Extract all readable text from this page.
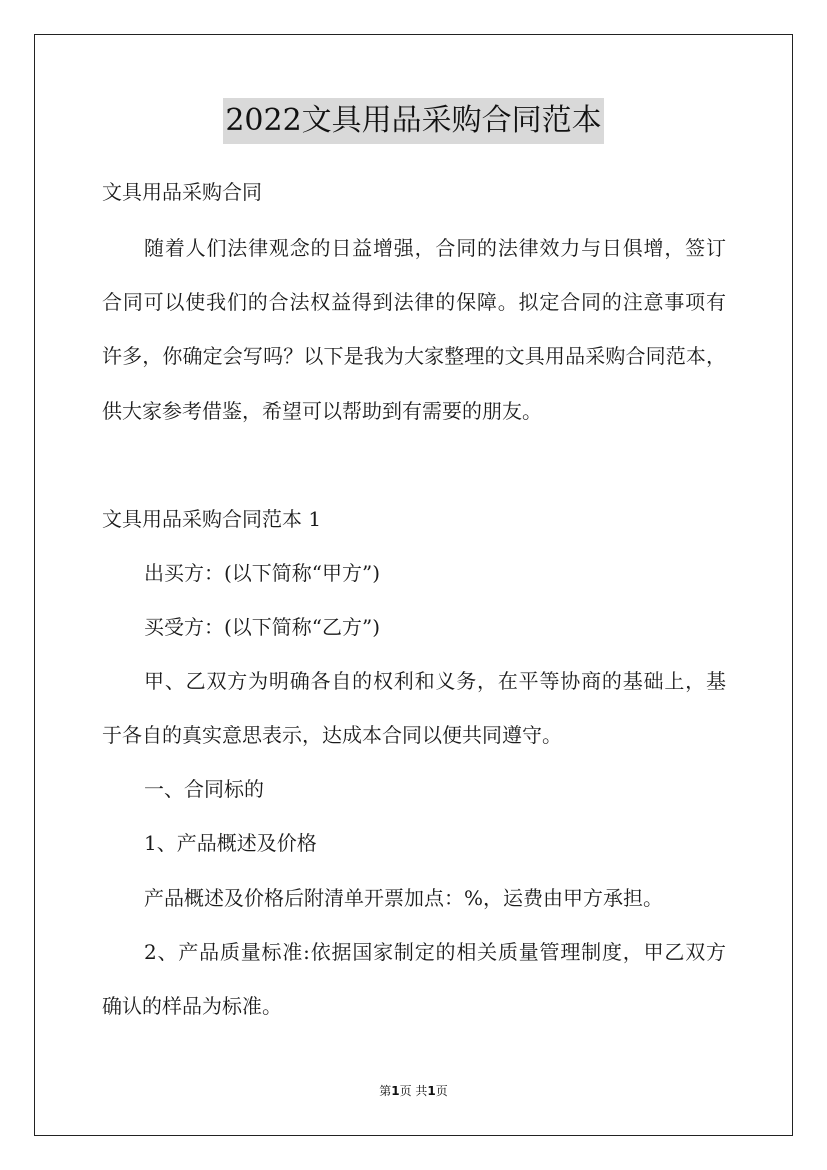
2022文具用品采购合同范本
文具用品采购合同
随着人们法律观念的日益增强，合同的法律效力与日俱增，签订
合同可以使我们的合法权益得到法律的保障。拟定合同的注意事项有
许多，你确定会写吗？以下是我为大家整理的文具用品采购合同范本，
供大家参考借鉴，希望可以帮助到有需要的朋友。
文具用品采购合同范本 1
出买方：(以下简称“甲方”)
买受方：(以下简称“乙方”)
甲、乙双方为明确各自的权利和义务，在平等协商的基础上，基
于各自的真实意思表示，达成本合同以便共同遵守。
一、合同标的
1、产品概述及价格
产品概述及价格后附清单开票加点：%，运费由甲方承担。
2、产品质量标准:依据国家制定的相关质量管理制度，甲乙双方
确认的样品为标准。
第1页 共1页
